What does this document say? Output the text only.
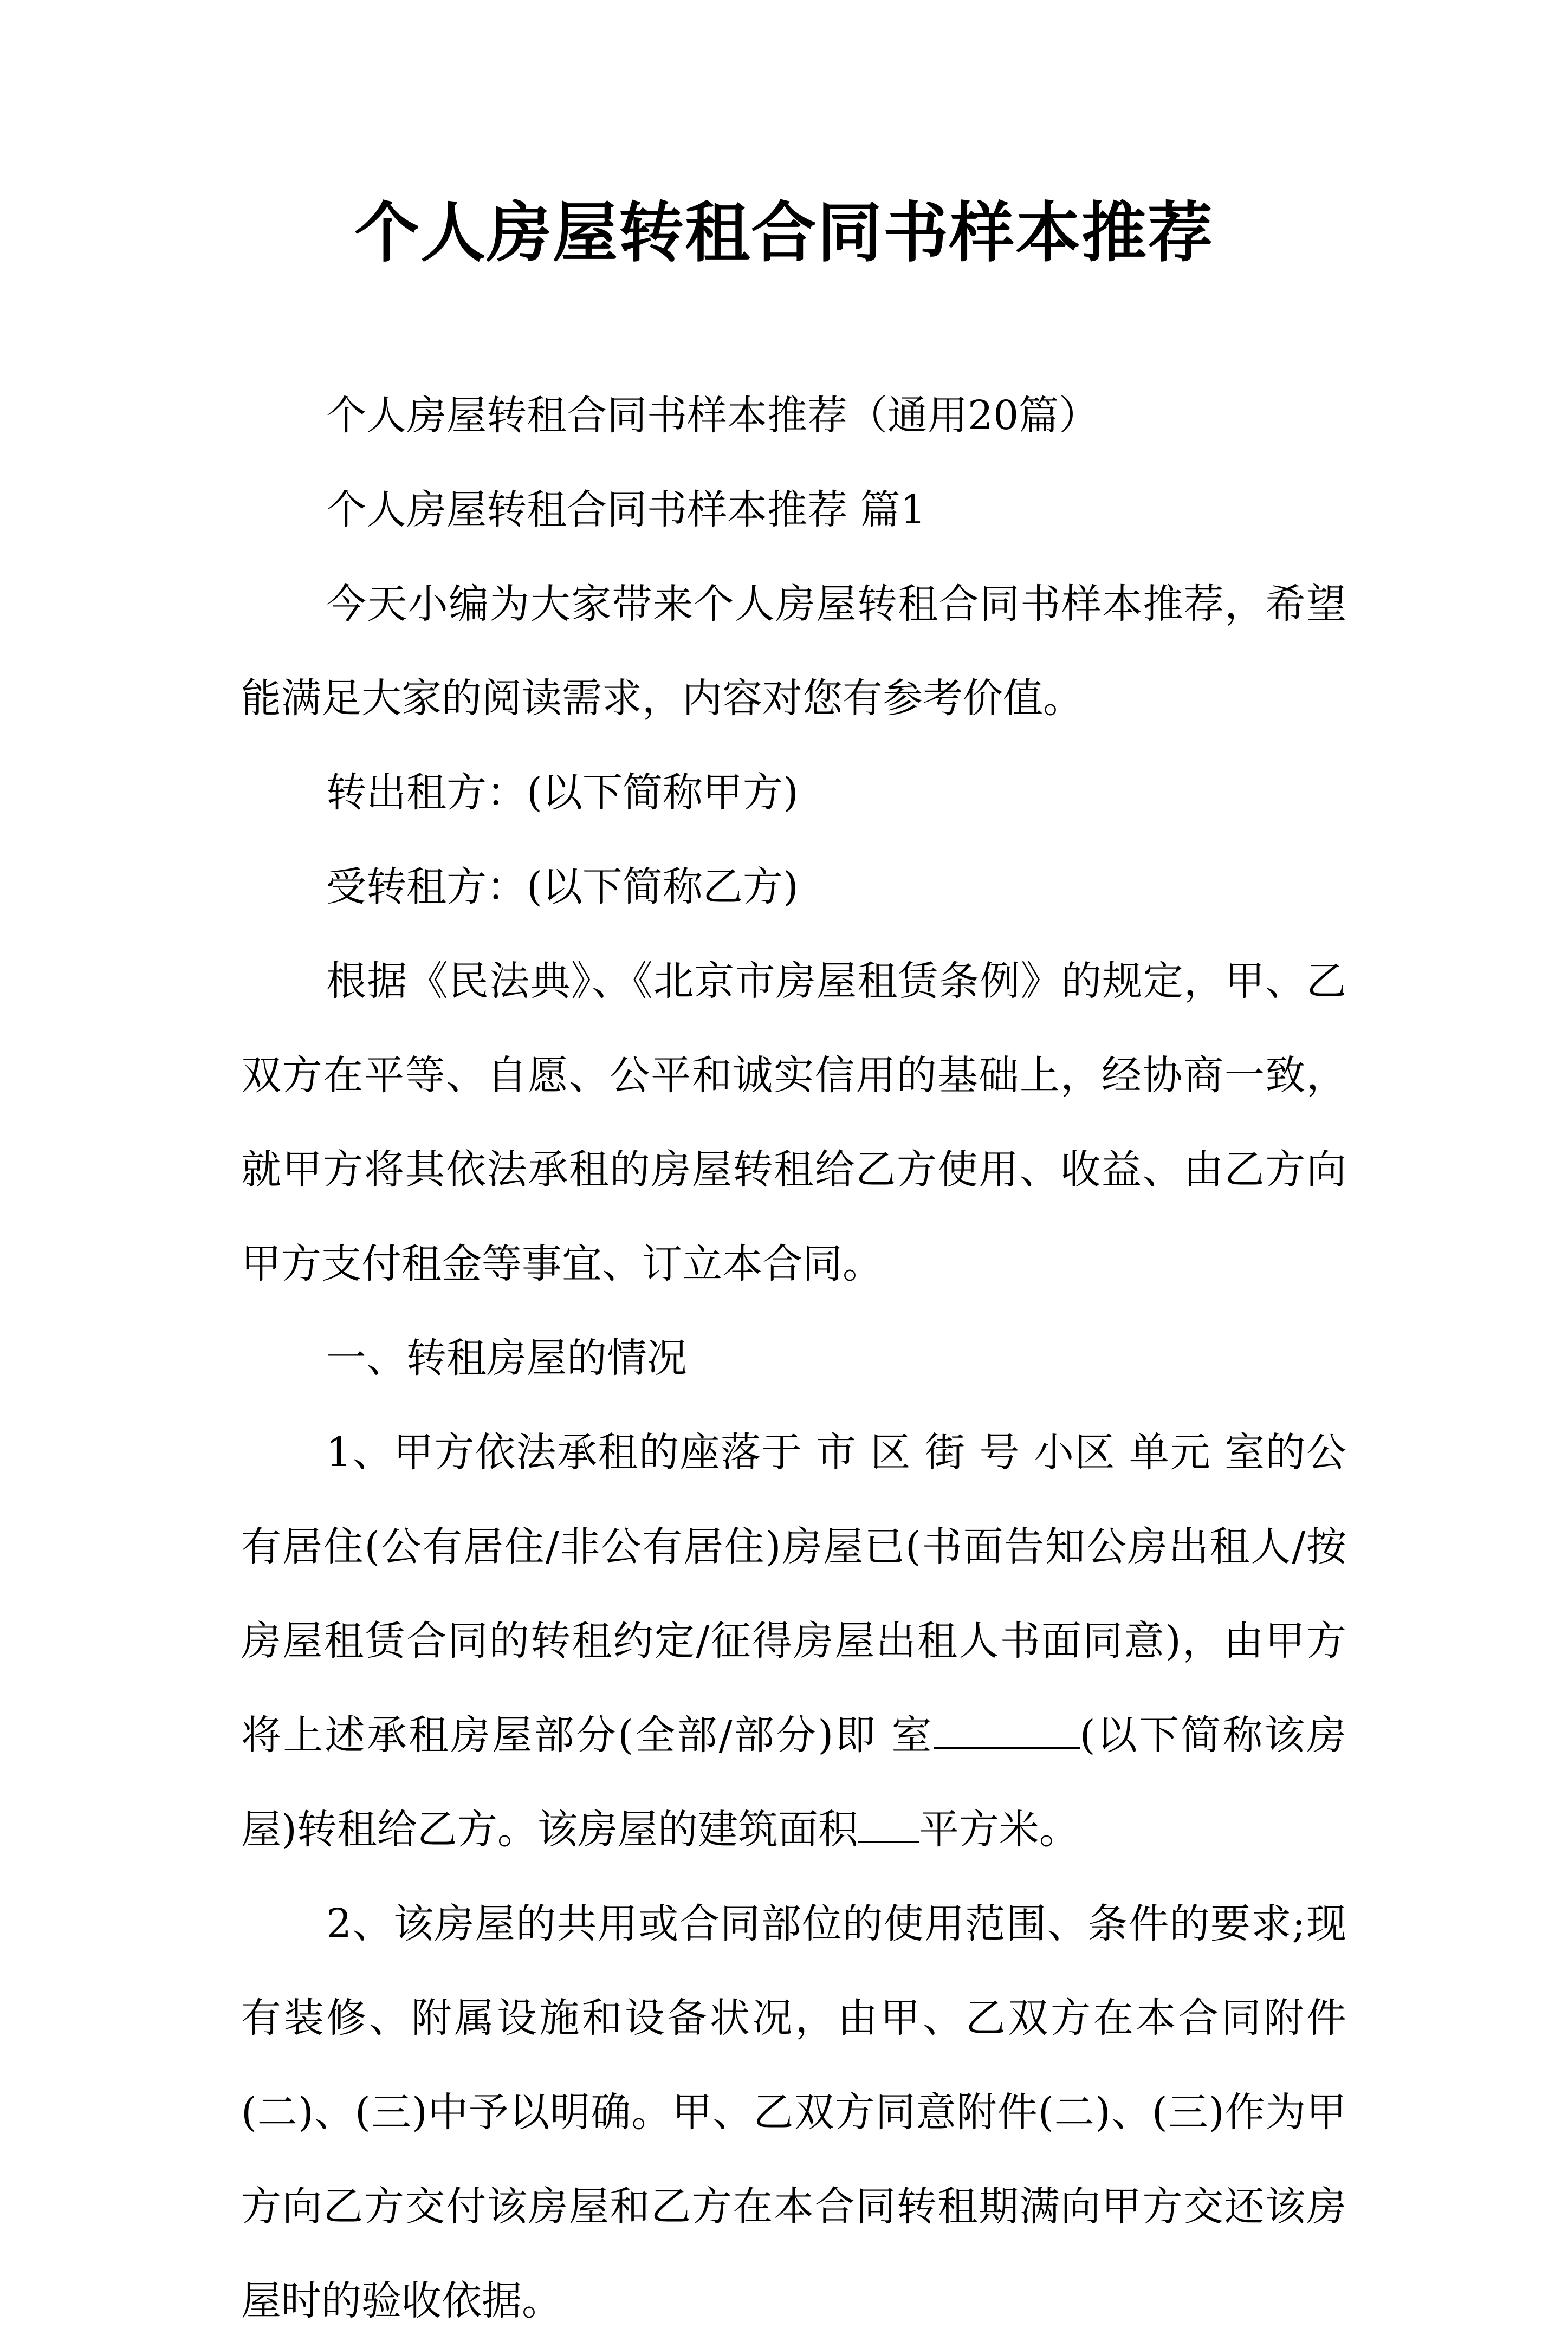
个人房屋转租合同书样本推荐

个人房屋转租合同书样本推荐（通用20篇）

个人房屋转租合同书样本推荐 篇1

今天小编为大家带来个人房屋转租合同书样本推荐，希望能满足大家的阅读需求，内容对您有参考价值。

转出租方：(以下简称甲方)

受转租方：(以下简称乙方)

根据《民法典》、《北京市房屋租赁条例》的规定，甲、乙双方在平等、自愿、公平和诚实信用的基础上，经协商一致，就甲方将其依法承租的房屋转租给乙方使用、收益、由乙方向甲方支付租金等事宜、订立本合同。

一、转租房屋的情况

1、甲方依法承租的座落于 市 区 街 号 小区 单元 室的公有居住(公有居住/非公有居住)房屋已(书面告知公房出租人/按房屋租赁合同的转租约定/征得房屋出租人书面同意)，由甲方将上述承租房屋部分(全部/部分)即 室	(以下简称该房屋)转租给乙方。该房屋的建筑面积 平方米。

2、该房屋的共用或合同部位的使用范围、条件的要求;现有装修、附属设施和设备状况，由甲、乙双方在本合同附件(二)、(三)中予以明确。甲、乙双方同意附件(二)、(三)作为甲方向乙方交付该房屋和乙方在本合同转租期满向甲方交还该房屋时的验收依据。
